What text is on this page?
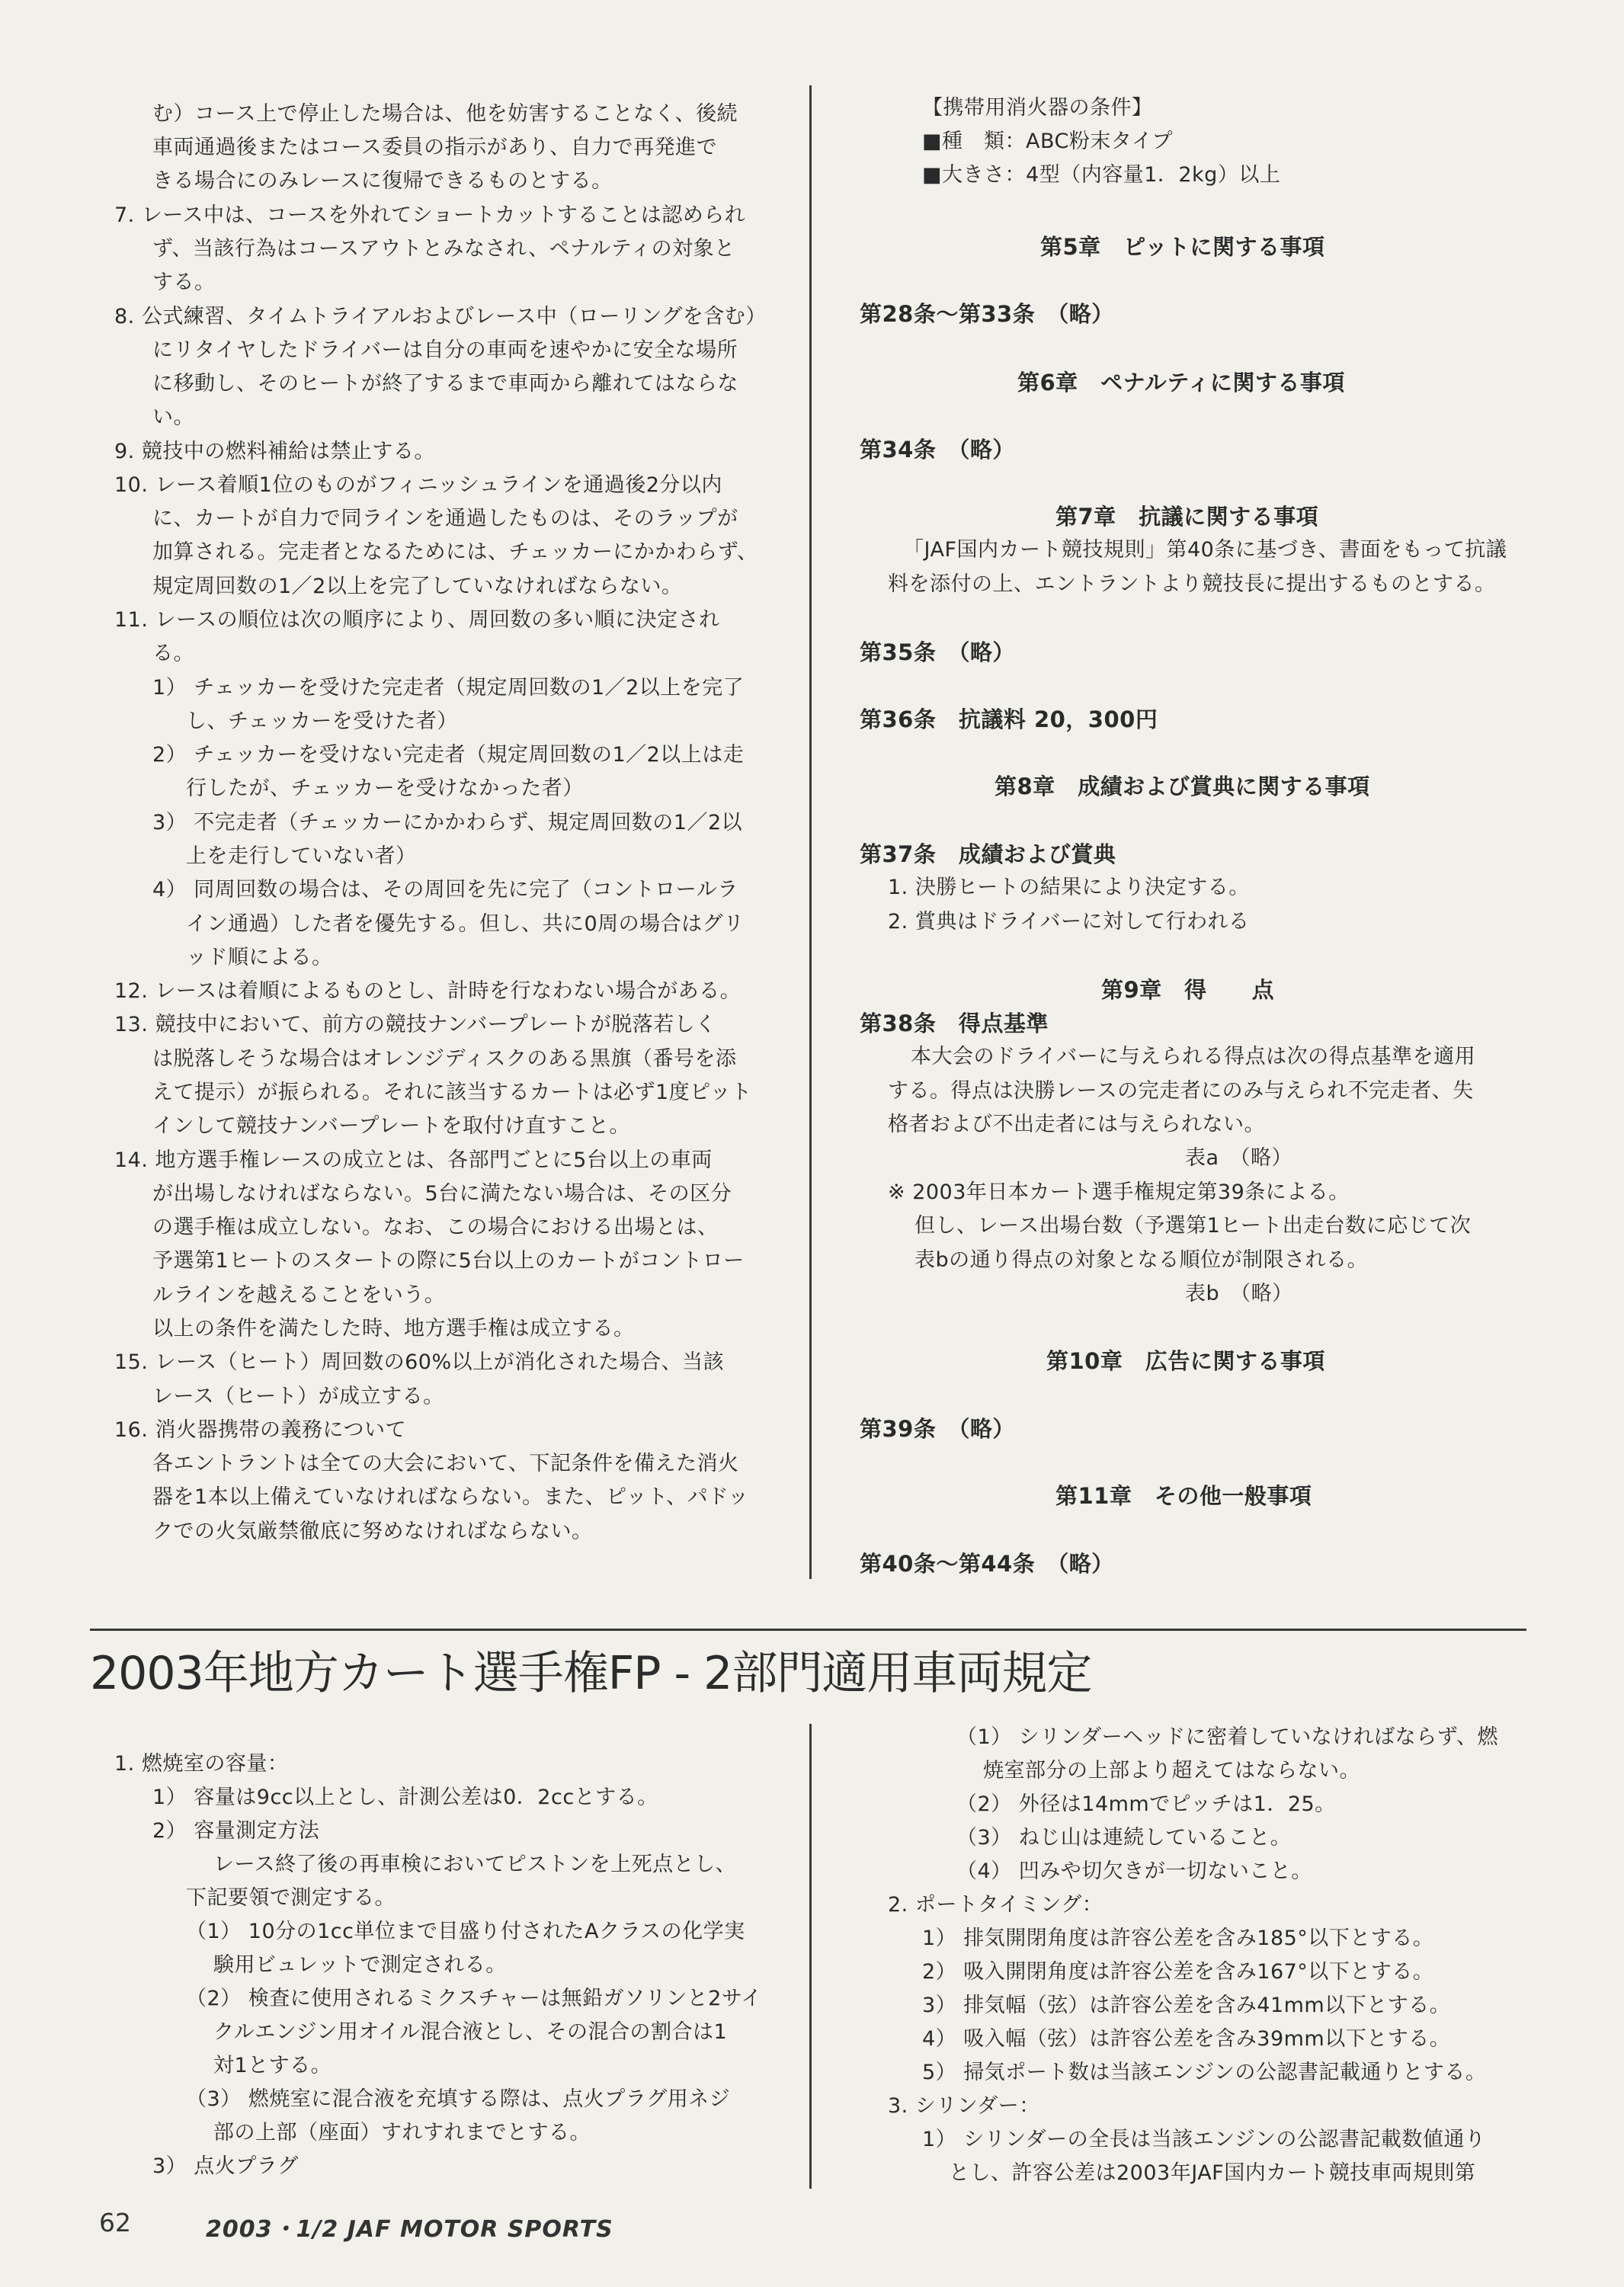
む）コース上で停止した場合は、他を妨害することなく、後続
車両通過後またはコース委員の指示があり、自力で再発進で
きる場合にのみレースに復帰できるものとする。
7. レース中は、コースを外れてショートカットすることは認められ
ず、当該行為はコースアウトとみなされ、ペナルティの対象と
する。
8. 公式練習、タイムトライアルおよびレース中（ローリングを含む）
にリタイヤしたドライバーは自分の車両を速やかに安全な場所
に移動し、そのヒートが終了するまで車両から離れてはならな
い。
9. 競技中の燃料補給は禁止する。
10. レース着順1位のものがフィニッシュラインを通過後2分以内
に、カートが自力で同ラインを通過したものは、そのラップが
加算される。完走者となるためには、チェッカーにかかわらず、
規定周回数の1／2以上を完了していなければならない。
11. レースの順位は次の順序により、周回数の多い順に決定され
る。
1） チェッカーを受けた完走者（規定周回数の1／2以上を完了
し、チェッカーを受けた者）
2） チェッカーを受けない完走者（規定周回数の1／2以上は走
行したが、チェッカーを受けなかった者）
3） 不完走者（チェッカーにかかわらず、規定周回数の1／2以
上を走行していない者）
4） 同周回数の場合は、その周回を先に完了（コントロールラ
イン通過）した者を優先する。但し、共に0周の場合はグリ
ッド順による。
12. レースは着順によるものとし、計時を行なわない場合がある。
13. 競技中において、前方の競技ナンバープレートが脱落若しく
は脱落しそうな場合はオレンジディスクのある黒旗（番号を添
えて提示）が振られる。それに該当するカートは必ず1度ピット
インして競技ナンバープレートを取付け直すこと。
14. 地方選手権レースの成立とは、各部門ごとに5台以上の車両
が出場しなければならない。5台に満たない場合は、その区分
の選手権は成立しない。なお、この場合における出場とは、
予選第1ヒートのスタートの際に5台以上のカートがコントロー
ルラインを越えることをいう。
以上の条件を満たした時、地方選手権は成立する。
15. レース（ヒート）周回数の60%以上が消化された場合、当該
レース（ヒート）が成立する。
16. 消火器携帯の義務について
各エントラントは全ての大会において、下記条件を備えた消火
器を1本以上備えていなければならない。また、ピット、パドッ
クでの火気厳禁徹底に努めなければならない。
【携帯用消火器の条件】
■種　類：ABC粉末タイプ
■大きさ：4型（内容量1．2kg）以上
第5章　ピットに関する事項
第28条～第33条　（略）
第6章　ペナルティに関する事項
第34条　（略）
第7章　抗議に関する事項
「JAF国内カート競技規則」第40条に基づき、書面をもって抗議
料を添付の上、エントラントより競技長に提出するものとする。
第35条　（略）
第36条　抗議料 20，300円
第8章　成績および賞典に関する事項
第37条　成績および賞典
1. 決勝ヒートの結果により決定する。
2. 賞典はドライバーに対して行われる
第9章　得　　点
第38条　得点基準
本大会のドライバーに与えられる得点は次の得点基準を適用
する。得点は決勝レースの完走者にのみ与えられ不完走者、失
格者および不出走者には与えられない。
表a　（略）
※ 2003年日本カート選手権規定第39条による。
但し、レース出場台数（予選第1ヒート出走台数に応じて次
表bの通り得点の対象となる順位が制限される。
表b　（略）
第10章　広告に関する事項
第39条　（略）
第11章　その他一般事項
第40条～第44条　（略）
2003年地方カート選手権FP - 2部門適用車両規定
1. 燃焼室の容量：
1） 容量は9cc以上とし、計測公差は0．2ccとする。
2） 容量測定方法
レース終了後の再車検においてピストンを上死点とし、
下記要領で測定する。
（1） 10分の1cc単位まで目盛り付されたAクラスの化学実
験用ビュレットで測定される。
（2） 検査に使用されるミクスチャーは無鉛ガソリンと2サイ
クルエンジン用オイル混合液とし、その混合の割合は1
対1とする。
（3） 燃焼室に混合液を充填する際は、点火プラグ用ネジ
部の上部（座面）すれすれまでとする。
3） 点火プラグ
（1） シリンダーヘッドに密着していなければならず、燃
焼室部分の上部より超えてはならない。
（2） 外径は14mmでピッチは1．25。
（3） ねじ山は連続していること。
（4） 凹みや切欠きが一切ないこと。
2. ポートタイミング：
1） 排気開閉角度は許容公差を含み185°以下とする。
2） 吸入開閉角度は許容公差を含み167°以下とする。
3） 排気幅（弦）は許容公差を含み41mm以下とする。
4） 吸入幅（弦）は許容公差を含み39mm以下とする。
5） 掃気ポート数は当該エンジンの公認書記載通りとする。
3. シリンダー：
1） シリンダーの全長は当該エンジンの公認書記載数値通り
とし、許容公差は2003年JAF国内カート競技車両規則第
62	2003・1/2 JAF MOTOR SPORTS
